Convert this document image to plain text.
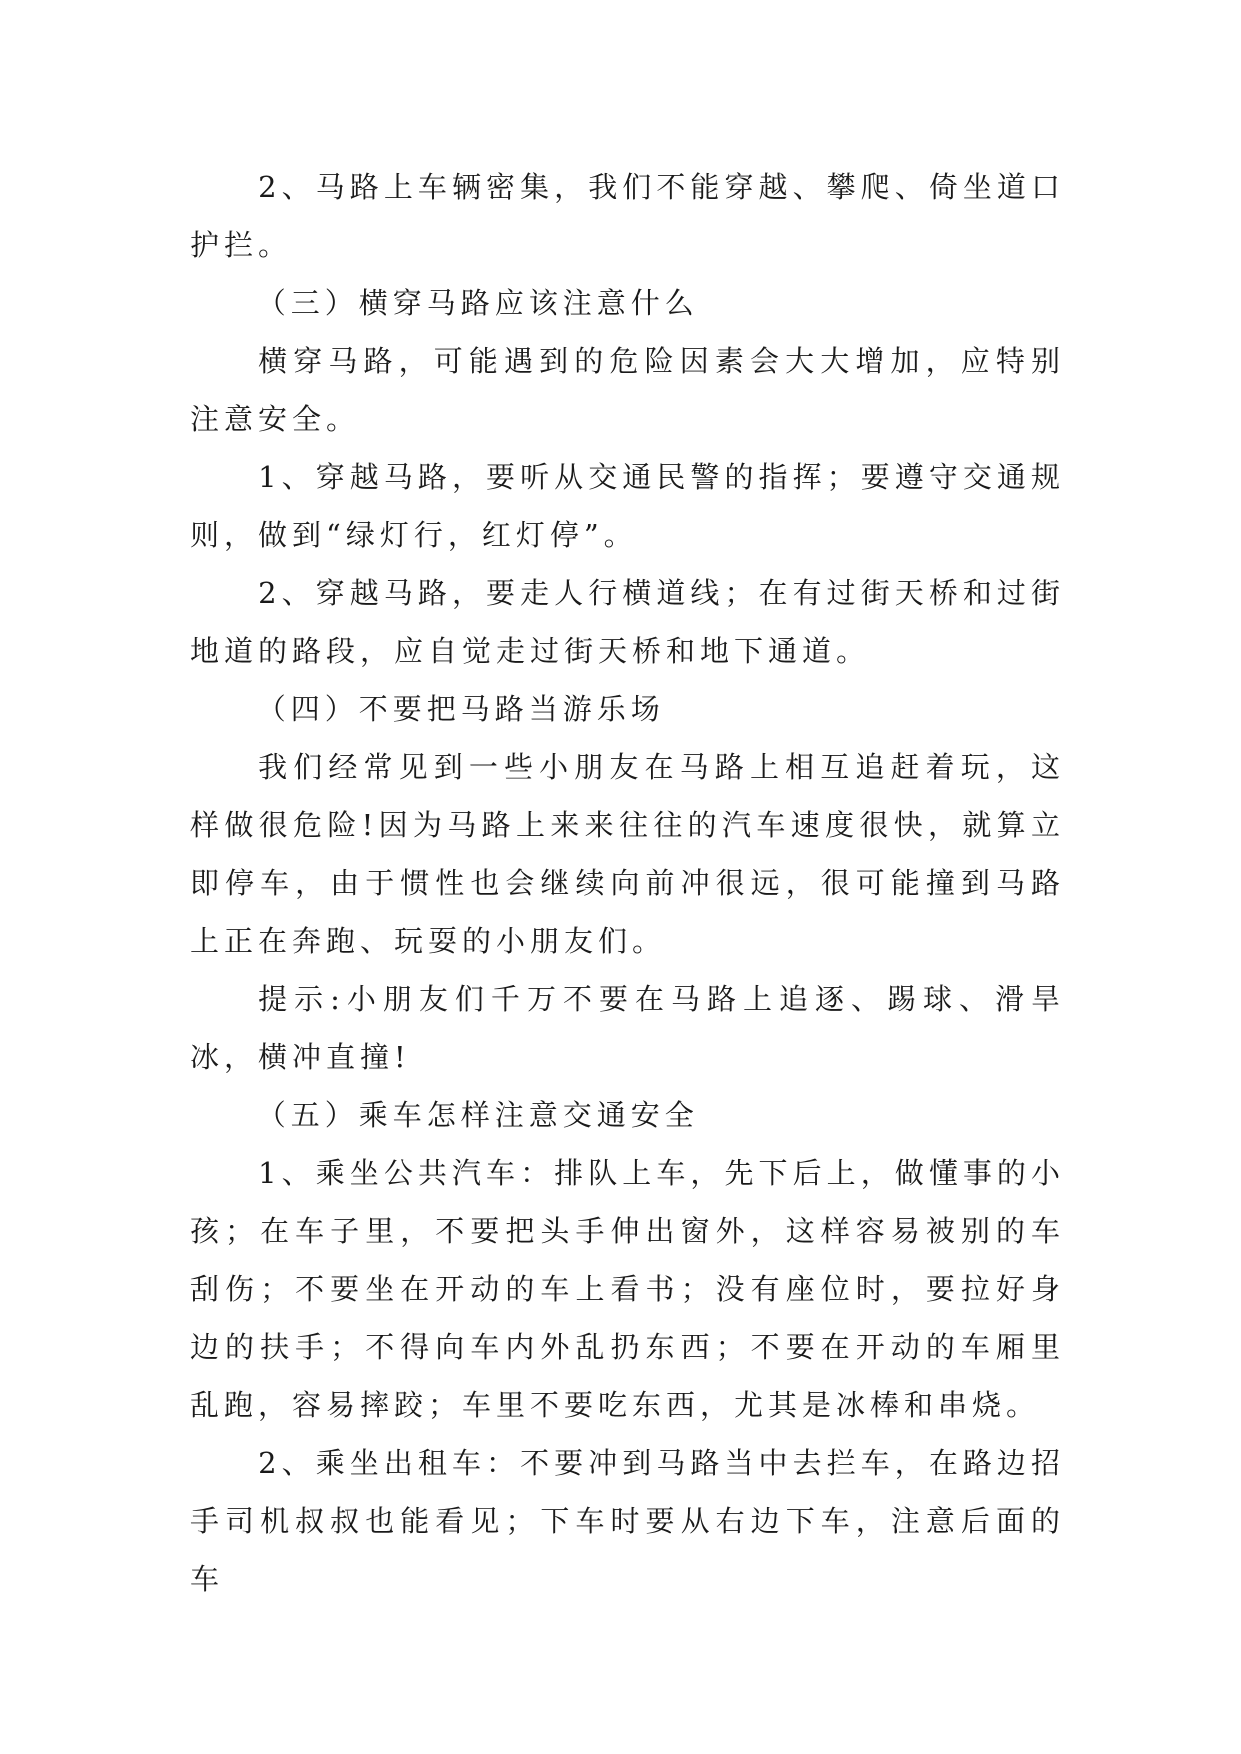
2、马路上车辆密集，我们不能穿越、攀爬、倚坐道口护拦。

（三）横穿马路应该注意什么

横穿马路，可能遇到的危险因素会大大增加，应特别注意安全。

1、穿越马路，要听从交通民警的指挥；要遵守交通规则，做到“绿灯行，红灯停”。

2、穿越马路，要走人行横道线；在有过街天桥和过街地道的路段，应自觉走过街天桥和地下通道。

（四）不要把马路当游乐场

我们经常见到一些小朋友在马路上相互追赶着玩，这样做很危险!因为马路上来来往往的汽车速度很快，就算立即停车，由于惯性也会继续向前冲很远，很可能撞到马路上正在奔跑、玩耍的小朋友们。

提示:小朋友们千万不要在马路上追逐、踢球、滑旱冰，横冲直撞!

（五）乘车怎样注意交通安全

1、乘坐公共汽车：排队上车，先下后上，做懂事的小孩；在车子里，不要把头手伸出窗外，这样容易被别的车刮伤；不要坐在开动的车上看书；没有座位时，要拉好身边的扶手；不得向车内外乱扔东西；不要在开动的车厢里乱跑，容易摔跤；车里不要吃东西，尤其是冰棒和串烧。

2、乘坐出租车：不要冲到马路当中去拦车，在路边招手司机叔叔也能看见；下车时要从右边下车，注意后面的车
